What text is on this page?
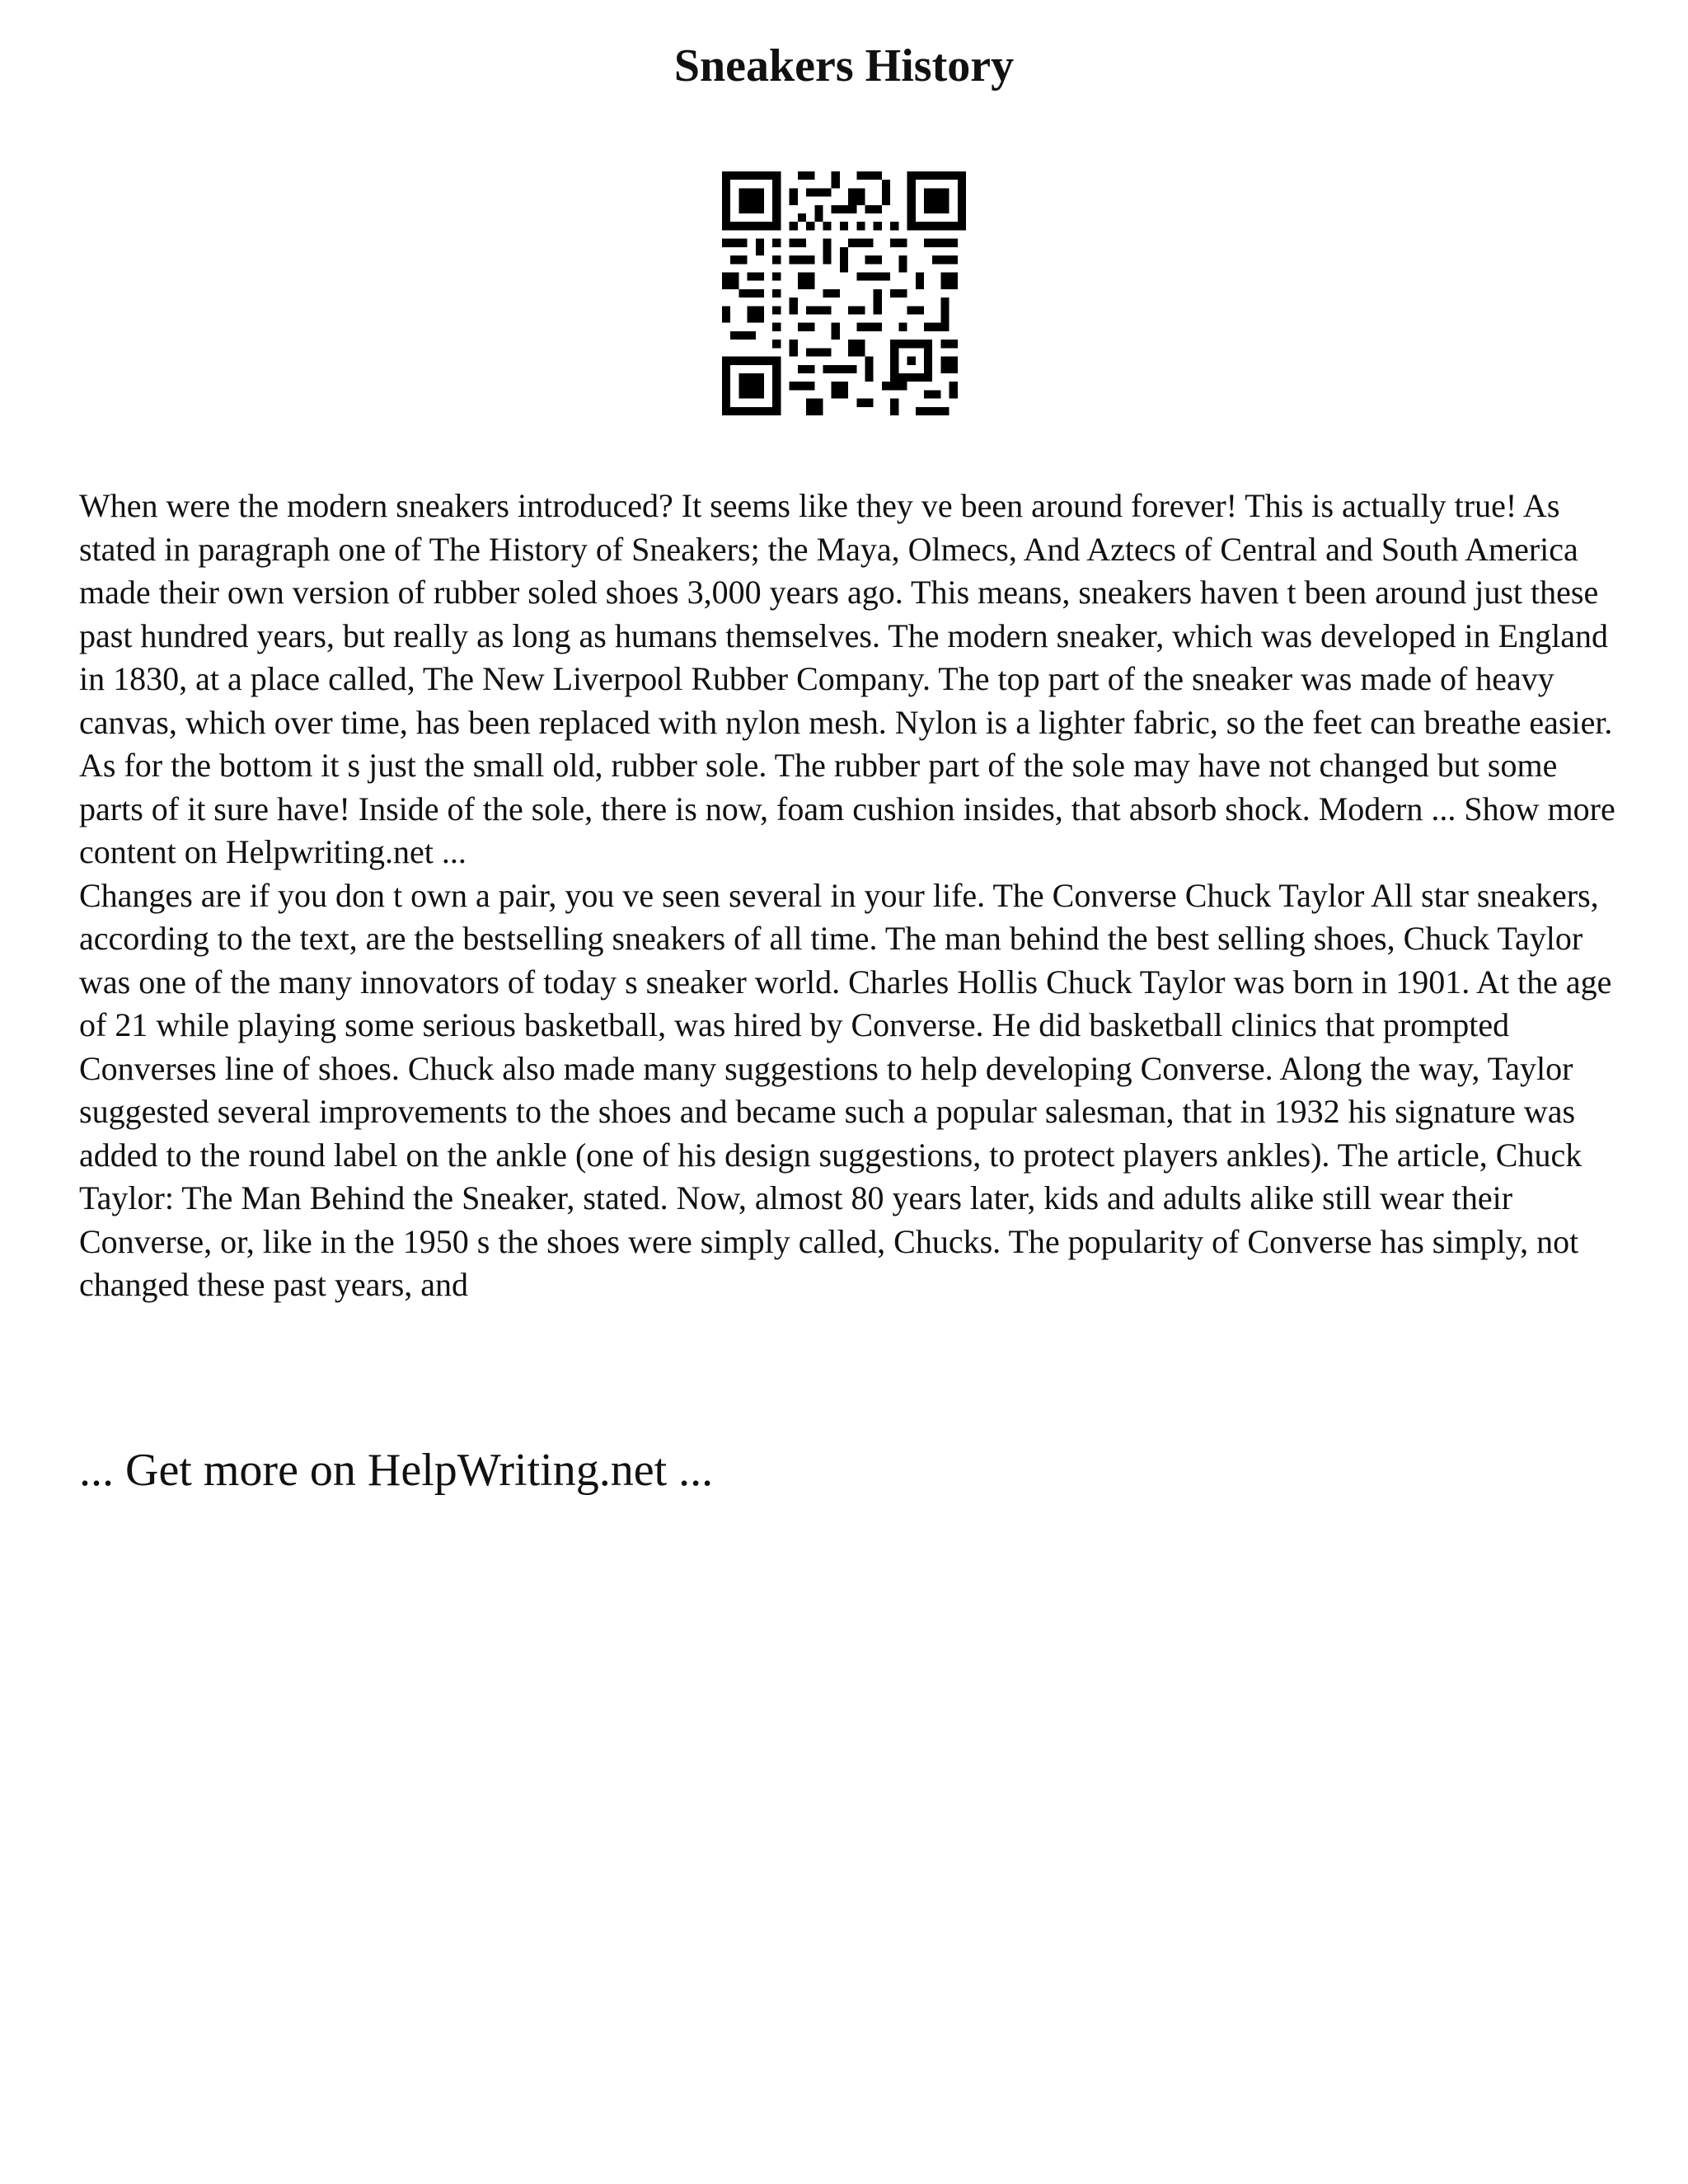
Sneakers History

When were the modern sneakers introduced? It seems like they ve been around forever! This is actually true! As stated in paragraph one of The History of Sneakers; the Maya, Olmecs, And Aztecs of Central and South America made their own version of rubber soled shoes 3,000 years ago. This means, sneakers haven t been around just these past hundred years, but really as long as humans themselves. The modern sneaker, which was developed in England in 1830, at a place called, The New Liverpool Rubber Company. The top part of the sneaker was made of heavy canvas, which over time, has been replaced with nylon mesh. Nylon is a lighter fabric, so the feet can breathe easier. As for the bottom it s just the small old, rubber sole. The rubber part of the sole may have not changed but some parts of it sure have! Inside of the sole, there is now, foam cushion insides, that absorb shock. Modern ... Show more content on Helpwriting.net ...

Changes are if you don t own a pair, you ve seen several in your life. The Converse Chuck Taylor All star sneakers, according to the text, are the bestselling sneakers of all time. The man behind the best selling shoes, Chuck Taylor was one of the many innovators of today s sneaker world. Charles Hollis Chuck Taylor was born in 1901. At the age of 21 while playing some serious basketball, was hired by Converse. He did basketball clinics that prompted Converses line of shoes. Chuck also made many suggestions to help developing Converse. Along the way, Taylor suggested several improvements to the shoes and became such a popular salesman, that in 1932 his signature was added to the round label on the ankle (one of his design suggestions, to protect players ankles). The article, Chuck Taylor: The Man Behind the Sneaker, stated. Now, almost 80 years later, kids and adults alike still wear their Converse, or, like in the 1950 s the shoes were simply called, Chucks. The popularity of Converse has simply, not changed these past years, and

... Get more on HelpWriting.net ...
